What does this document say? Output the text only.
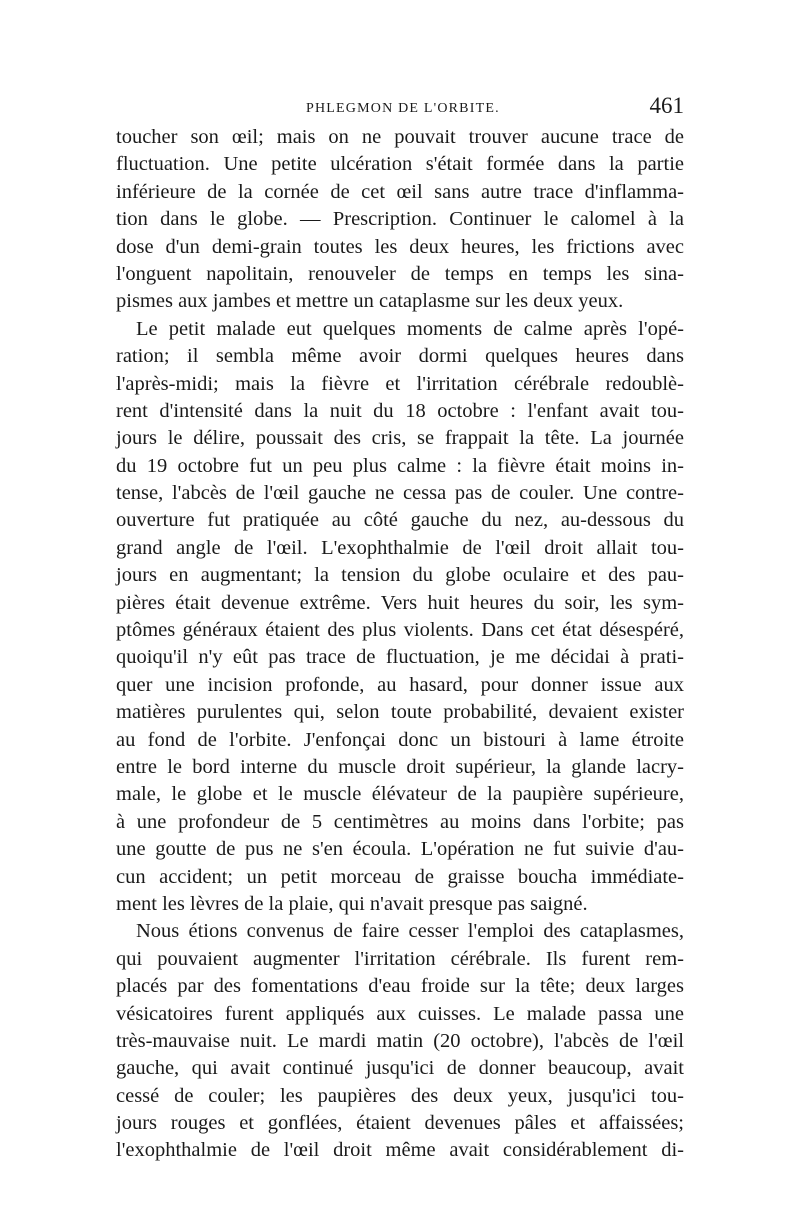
PHLEGMON DE L'ORBITE.	461
toucher son œil; mais on ne pouvait trouver aucune trace de
fluctuation. Une petite ulcération s'était formée dans la partie
inférieure de la cornée de cet œil sans autre trace d'inflamma-
tion dans le globe. — Prescription. Continuer le calomel à la
dose d'un demi-grain toutes les deux heures, les frictions avec
l'onguent napolitain, renouveler de temps en temps les sina-
pismes aux jambes et mettre un cataplasme sur les deux yeux.
Le petit malade eut quelques moments de calme après l'opé-
ration; il sembla même avoir dormi quelques heures dans
l'après-midi; mais la fièvre et l'irritation cérébrale redoublè-
rent d'intensité dans la nuit du 18 octobre : l'enfant avait tou-
jours le délire, poussait des cris, se frappait la tête. La journée
du 19 octobre fut un peu plus calme : la fièvre était moins in-
tense, l'abcès de l'œil gauche ne cessa pas de couler. Une contre-
ouverture fut pratiquée au côté gauche du nez, au-dessous du
grand angle de l'œil. L'exophthalmie de l'œil droit allait tou-
jours en augmentant; la tension du globe oculaire et des pau-
pières était devenue extrême. Vers huit heures du soir, les sym-
ptômes généraux étaient des plus violents. Dans cet état désespéré,
quoiqu'il n'y eût pas trace de fluctuation, je me décidai à prati-
quer une incision profonde, au hasard, pour donner issue aux
matières purulentes qui, selon toute probabilité, devaient exister
au fond de l'orbite. J'enfonçai donc un bistouri à lame étroite
entre le bord interne du muscle droit supérieur, la glande lacry-
male, le globe et le muscle élévateur de la paupière supérieure,
à une profondeur de 5 centimètres au moins dans l'orbite; pas
une goutte de pus ne s'en écoula. L'opération ne fut suivie d'au-
cun accident; un petit morceau de graisse boucha immédiate-
ment les lèvres de la plaie, qui n'avait presque pas saigné.
Nous étions convenus de faire cesser l'emploi des cataplasmes,
qui pouvaient augmenter l'irritation cérébrale. Ils furent rem-
placés par des fomentations d'eau froide sur la tête; deux larges
vésicatoires furent appliqués aux cuisses. Le malade passa une
très-mauvaise nuit. Le mardi matin (20 octobre), l'abcès de l'œil
gauche, qui avait continué jusqu'ici de donner beaucoup, avait
cessé de couler; les paupières des deux yeux, jusqu'ici tou-
jours rouges et gonflées, étaient devenues pâles et affaissées;
l'exophthalmie de l'œil droit même avait considérablement di-
